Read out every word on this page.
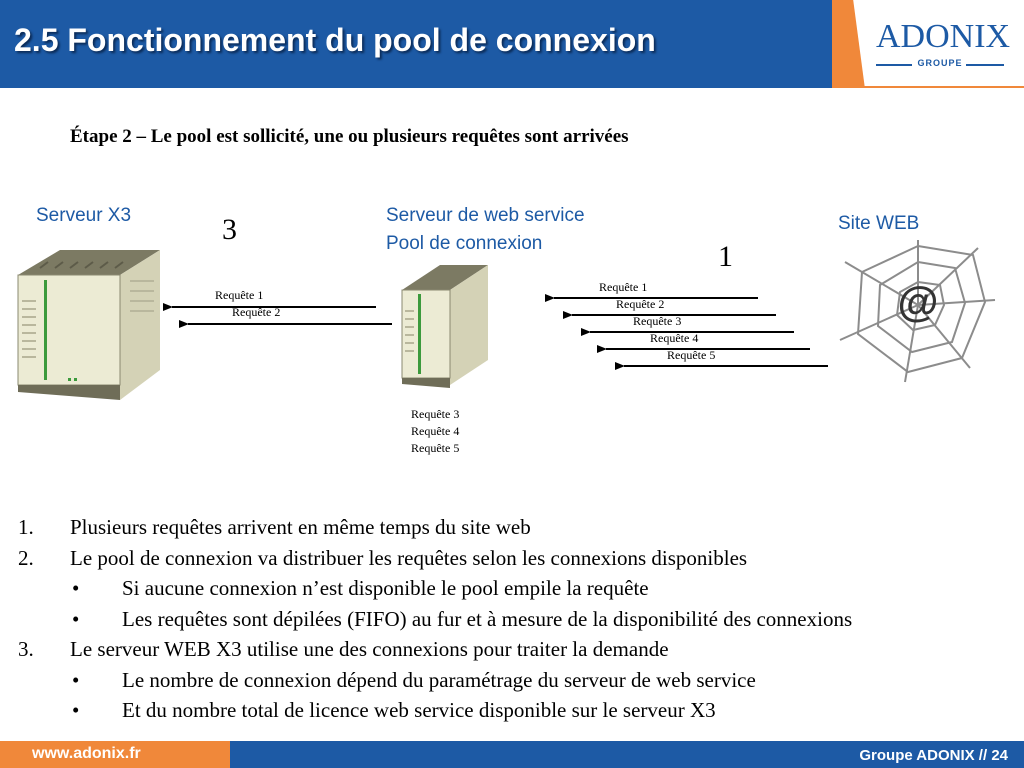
2.5 Fonctionnement du pool de connexion	ADONIX
GROUPE
Étape 2 – Le pool est sollicité, une ou plusieurs requêtes sont arrivées
Serveur X3	3	Serveur de web service
Pool de connexion
Site WEB
1
@
Requête 1
Requête 2
Requête 1
Requête 2
Requête 3
Requête 4
Requête 5
Requête 3
Requête 4
Requête 5
1. Plusieurs requêtes arrivent en même temps du site web
2. Le pool de connexion va distribuer les requêtes selon les connexions disponibles
• Si aucune connexion n’est disponible le pool empile la requête
• Les requêtes sont dépilées (FIFO) au fur et à mesure de la disponibilité des connexions
3. Le serveur WEB X3 utilise une des connexions pour traiter la demande
• Le nombre de connexion dépend du paramétrage du serveur de web service
• Et du nombre total de licence web service disponible sur le serveur X3
www.adonix.fr	Groupe ADONIX // 24
